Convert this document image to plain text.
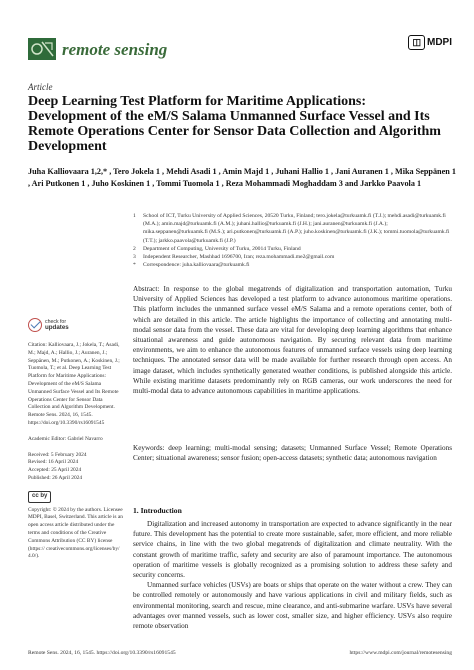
remote sensing	◫ MDPI
Article
Deep Learning Test Platform for Maritime Applications: Development of the eM/S Salama Unmanned Surface Vessel and Its Remote Operations Center for Sensor Data Collection and Algorithm Development
Juha Kalliovaara 1,2,* , Tero Jokela 1 , Mehdi Asadi 1 , Amin Majd 1 , Juhani Hallio 1 , Jani Auranen 1 , Mika Seppänen 1 , Ari Putkonen 1 , Juho Koskinen 1 , Tommi Tuomola 1 , Reza Mohammadi Moghaddam 3 and Jarkko Paavola 1
1	School of ICT, Turku University of Applied Sciences, 20520 Turku, Finland; tero.jokela@turkuamk.fi (T.J.); mehdi.asadi@turkuamk.fi (M.A.); amin.majd@turkuamk.fi (A.M.); juhani.hallio@turkuamk.fi (J.H.); jani.auranen@turkuamk.fi (J.A.); mika.seppanen@turkuamk.fi (M.S.); ari.putkonen@turkuamk.fi (A.P.); juho.koskinen@turkuamk.fi (J.K.); tommi.tuomola@turkuamk.fi (T.T.); jarkko.paavola@turkuamk.fi (J.P.)
2	Department of Computing, University of Turku, 20014 Turku, Finland
3	Independent Researcher, Mashhad 1696700, Iran; reza.mohammadi.me2@gmail.com
*	Correspondence: juha.kalliovaara@turkuamk.fi
check for
updates
Citation: Kalliovaara, J.; Jokela, T.; Asadi, M.; Majd, A.; Hallio, J.; Auranen, J.; Seppänen, M.; Putkonen, A.; Koskinen, J.; Tuomola, T.; et al. Deep Learning Test Platform for Maritime Applications: Development of the eM/S Salama Unmanned Surface Vessel and Its Remote Operations Center for Sensor Data Collection and Algorithm Development. Remote Sens. 2024, 16, 1545. https://doi.org/10.3390/rs16091545
Academic Editor: Gabriel Navarro
Received: 5 February 2024
Revised: 16 April 2024
Accepted: 25 April 2024
Published: 26 April 2024
cc by
Copyright: © 2024 by the authors. Licensee MDPI, Basel, Switzerland. This article is an open access article distributed under the terms and conditions of the Creative Commons Attribution (CC BY) license (https:// creativecommons.org/licenses/by/ 4.0/).
Abstract: In response to the global megatrends of digitalization and transportation automation, Turku University of Applied Sciences has developed a test platform to advance autonomous maritime operations. This platform includes the unmanned surface vessel eM/S Salama and a remote operations center, both of which are detailed in this article. The article highlights the importance of collecting and annotating multi-modal sensor data from the vessel. These data are vital for developing deep learning algorithms that enhance situational awareness and guide autonomous navigation. By securing relevant data from maritime environments, we aim to enhance the autonomous features of unmanned surface vessels using deep learning techniques. The annotated sensor data will be made available for further research through open access. An image dataset, which includes synthetically generated weather conditions, is published alongside this article. While existing maritime datasets predominantly rely on RGB cameras, our work underscores the need for multi-modal data to advance autonomous capabilities in maritime applications.
Keywords: deep learning; multi-modal sensing; datasets; Unmanned Surface Vessel; Remote Operations Center; situational awareness; sensor fusion; open-access datasets; synthetic data; autonomous navigation
1. Introduction

Digitalization and increased autonomy in transportation are expected to advance significantly in the near future. This development has the potential to create more sustainable, safer, more efficient, and more reliable service chains, in line with the two global megatrends of digitalization and climate neutrality. With the constant growth of maritime traffic, safety and security are also of paramount importance. The autonomous operation of maritime vessels is globally recognized as a promising solution to address these safety and security concerns.

Unmanned surface vehicles (USVs) are boats or ships that operate on the water without a crew. They can be controlled remotely or autonomously and have various applications in civil and military fields, such as environmental monitoring, search and rescue, mine clearance, and anti-submarine warfare. USVs have several advantages over manned vessels, such as lower cost, smaller size, and higher efficiency. USVs also require remote observation

Remote Sens. 2024, 16, 1545. https://doi.org/10.3390/rs16091545	https://www.mdpi.com/journal/remotesensing
